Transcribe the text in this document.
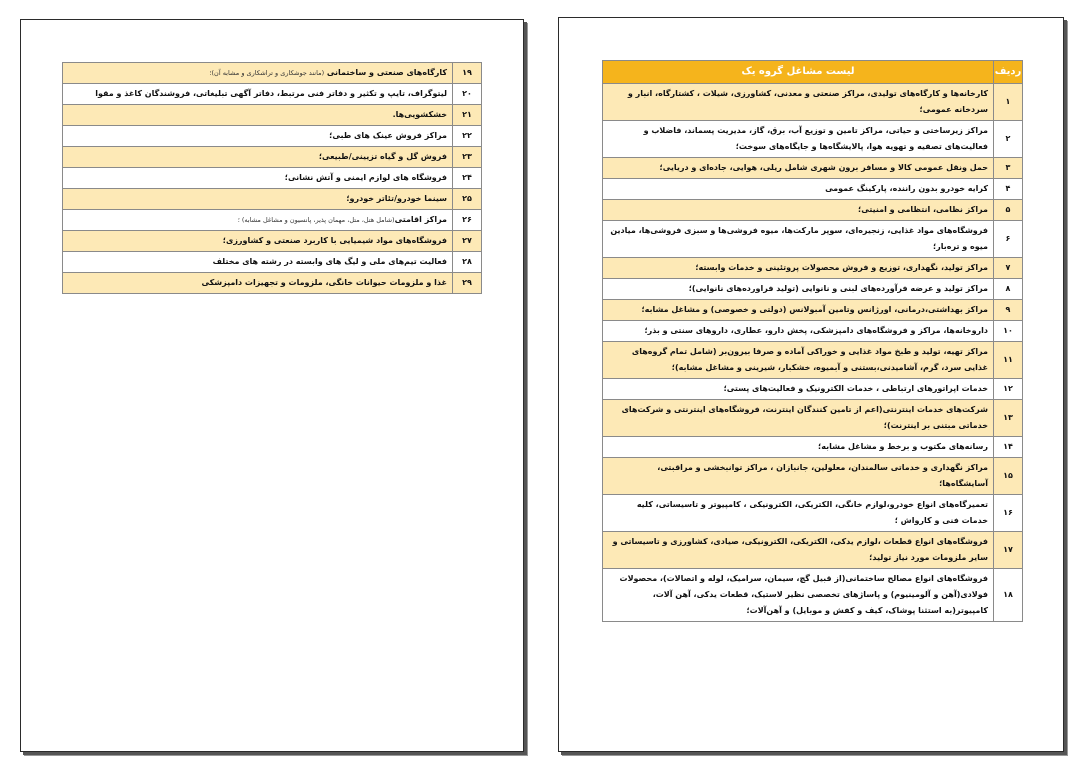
۱۹	کارگاه‌های صنعتی و ساختمانی (مانند جوشکاری و تراشکاری و مشابه آن)؛
۲۰	لیتوگراف، تایپ و تکثیر و دفاتر فنی مرتبط، دفاتر آگهی تبلیغاتی، فروشندگان کاغذ و مقوا
۲۱	خشکشویی‌ها.
۲۲	مراکز فروش عینک های طبی؛
۲۳	فروش گل و گیاه تزیینی/طبیعی؛
۲۴	فروشگاه های لوازم ایمنی و آتش نشانی؛
۲۵	سینما خودرو/تئاتر خودرو؛
۲۶	مراکز اقامتی(شامل هتل، متل، مهمان پذیر، پانسیون و مشاغل مشابه) ؛
۲۷	فروشگاه‌های مواد شیمیایی با کاربرد صنعتی و کشاورزی؛
۲۸	فعالیت تیم‌های ملی و لیگ های وابسته در رشته های مختلف
۲۹	غذا و ملزومات حیوانات خانگی، ملزومات و تجهیزات دامپزشکی
ردیف	لیست مشاغل گروه یک
۱	کارخانه‌ها و کارگاه‌های تولیدی، مراکز صنعتی و معدنی، کشاورزی، شیلات ، کشتارگاه، انبار و سردخانه عمومی؛
۲	مراکز زیرساختی و حیاتی، مراکز تامین و توزیع آب، برق، گاز، مدیریت پسماند، فاضلاب و فعالیت‌های تصفیه و تهویه هوا، پالایشگاه‌ها و جایگاه‌های سوخت؛
۳	حمل ونقل عمومی کالا و مسافر برون شهری شامل ریلی، هوایی، جاده‌ای و دریایی؛
۴	کرایه خودرو بدون راننده، پارکینگ عمومی
۵	مراکز نظامی، انتظامی و امنیتی؛
۶	فروشگاه‌های مواد غذایی، زنجیره‌ای، سوپر مارکت‌ها، میوه فروشی‌ها و سبزی فروشی‌ها، میادین میوه و تره‌بار؛
۷	مراکز تولید، نگهداری، توزیع و فروش محصولات پروتئینی و خدمات وابسته؛
۸	مراکز تولید و عرضه فرآورده‌های لبنی و نانوایی (تولید فراورده‌های نانوایی)؛
۹	مراکز بهداشتی،درمانی، اورژانس وتامین آمبولانس (دولتی و خصوصی) و مشاغل مشابه؛
۱۰	داروخانه‌ها، مراکز و فروشگاه‌های دامپزشکی، پخش دارو، عطاری، داروهای سنتی و بذر؛
۱۱	مراکز تهیه، تولید و طبخ مواد غذایی و خوراکی آماده و صرفا بیرون‌بر (شامل تمام گروه‌های غذایی سرد، گرم، آشامیدنی،بستنی و آبمیوه، خشکبار، شیرینی و مشاغل مشابه)؛
۱۲	خدمات اپراتورهای ارتباطی ، خدمات الکترونیک و فعالیت‌های پستی؛
۱۳	شرکت‌های خدمات اینترنتی(اعم از تامین کنندگان اینترنت، فروشگاه‌های اینترنتی و شرکت‌های خدماتی مبتنی بر اینترنت)؛
۱۴	رسانه‌های مکتوب و برخط و مشاغل مشابه؛
۱۵	مراکز نگهداری و خدماتی سالمندان، معلولین، جانبازان ، مراکز توانبخشی و مراقبتی، آسایشگاه‌ها؛
۱۶	تعمیرگاه‌های انواع خودرو،لوازم خانگی، الکتریکی، الکترونیکی ، کامپیوتر و تاسیساتی، کلیه خدمات فنی و کارواش ؛
۱۷	فروشگاه‌های انواع قطعات ،لوازم یدکی، الکتریکی، الکترونیکی، صیادی، کشاورزی و تاسیساتی و سایر ملزومات مورد نیاز تولید؛
۱۸	فروشگاه‌های انواع مصالح ساختمانی(از قبیل گچ، سیمان، سرامیک، لوله و اتصالات)، محصولات فولادی(آهن و آلومینیوم) و پاساژهای تخصصی نظیر لاستیک، قطعات یدکی، آهن آلات، کامپیوتر(به استثنا پوشاک، کیف و کفش و موبایل) و آهن‌آلات؛
